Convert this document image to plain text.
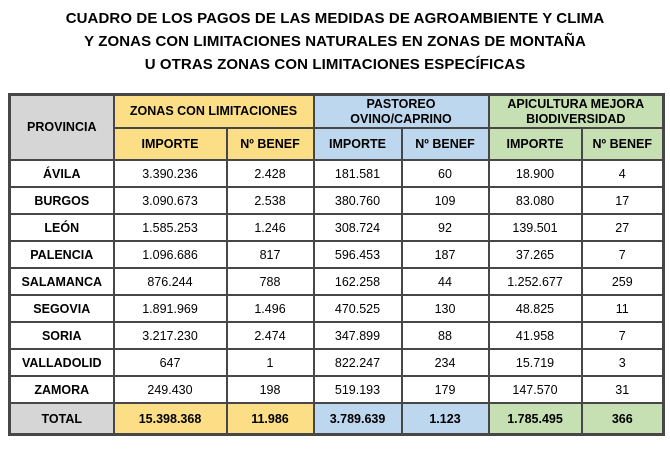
CUADRO DE LOS PAGOS DE LAS MEDIDAS DE AGROAMBIENTE Y CLIMA
Y ZONAS CON LIMITACIONES NATURALES EN ZONAS DE MONTAÑA
U OTRAS ZONAS CON LIMITACIONES ESPECÍFICAS
PROVINCIA	ZONAS CON LIMITACIONES		PASTOREO OVINO/CAPRINO		APICULTURA MEJORA BIODIVERSIDAD	
	IMPORTE	Nº BENEF	IMPORTE	Nº BENEF	IMPORTE	Nº BENEF
ÁVILA	3.390.236	2.428	181.581	60	18.900	4
BURGOS	3.090.673	2.538	380.760	109	83.080	17
LEÓN	1.585.253	1.246	308.724	92	139.501	27
PALENCIA	1.096.686	817	596.453	187	37.265	7
SALAMANCA	876.244	788	162.258	44	1.252.677	259
SEGOVIA	1.891.969	1.496	470.525	130	48.825	11
SORIA	3.217.230	2.474	347.899	88	41.958	7
VALLADOLID	647	1	822.247	234	15.719	3
ZAMORA	249.430	198	519.193	179	147.570	31
TOTAL	15.398.368	11.986	3.789.639	1.123	1.785.495	366
